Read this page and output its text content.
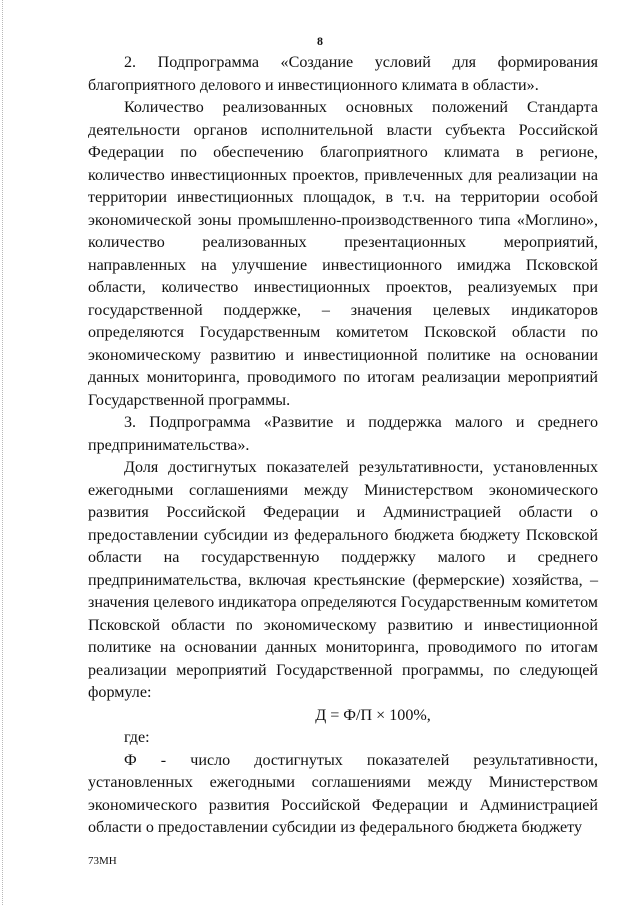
8

2. Подпрограмма «Создание условий для формирования благоприятного делового и инвестиционного климата в области».

Количество реализованных основных положений Стандарта деятельности органов исполнительной власти субъекта Российской Федерации по обеспечению благоприятного климата в регионе, количество инвестиционных проектов, привлеченных для реализации на территории инвестиционных площадок, в т.ч. на территории особой экономической зоны промышленно-производственного типа «Моглино», количество реализованных презентационных мероприятий, направленных на улучшение инвестиционного имиджа Псковской области, количество инвестиционных проектов, реализуемых при государственной поддержке, – значения целевых индикаторов определяются Государственным комитетом Псковской области по экономическому развитию и инвестиционной политике на основании данных мониторинга, проводимого по итогам реализации мероприятий Государственной программы.

3. Подпрограмма «Развитие и поддержка малого и среднего предпринимательства».

Доля достигнутых показателей результативности, установленных ежегодными соглашениями между Министерством экономического развития Российской Федерации и Администрацией области о предоставлении субсидии из федерального бюджета бюджету Псковской области на государственную поддержку малого и среднего предпринимательства, включая крестьянские (фермерские) хозяйства, – значения целевого индикатора определяются Государственным комитетом Псковской области по экономическому развитию и инвестиционной политике на основании данных мониторинга, проводимого по итогам реализации мероприятий Государственной программы, по следующей формуле:

Д = Ф/П × 100%,

где:

Ф - число достигнутых показателей результативности, установленных ежегодными соглашениями между Министерством экономического развития Российской Федерации и Администрацией области о предоставлении субсидии из федерального бюджета бюджету

73МН
